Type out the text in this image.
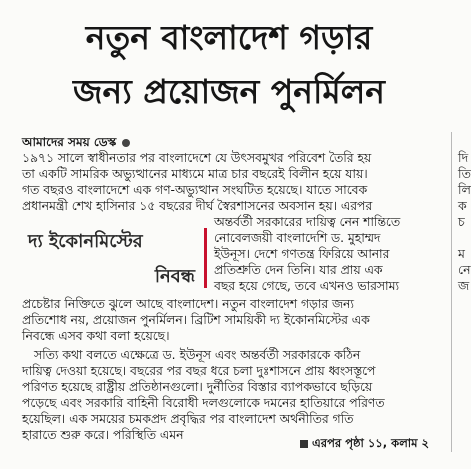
নতুন বাংলাদেশ গড়ার
জন্য প্রয়োজন পুনর্মিলন
আমাদের সময় ডেস্ক
১৯৭১ সালে স্বাধীনতার পর বাংলাদেশে যে উৎসবমুখর পরিবেশ তৈরি হয়
তা একটি সামরিক অভ্যুত্থানের মাধ্যমে মাত্র চার বছরেই বিলীন হয়ে যায়।
গত বছরও বাংলাদেশে এক গণ-অভ্যুত্থান সংঘটিত হয়েছে। যাতে সাবেক
প্রধানমন্ত্রী শেখ হাসিনার ১৫ বছরের দীর্ঘ স্বৈরশাসনের অবসান হয়। এরপর
অন্তর্বর্তী সরকারের দায়িত্ব নেন শান্তিতে
নোবেলজয়ী বাংলাদেশি ড. মুহাম্মদ
ইউনূস। দেশে গণতন্ত্র ফিরিয়ে আনার
প্রতিশ্রুতি দেন তিনি। যার প্রায় এক
বছর হয়ে গেছে, তবে এখনও ভারসাম্য
দ্য ইকোনমিস্টের
নিবন্ধ
প্রচেষ্টার নিক্তিতে ঝুলে আছে বাংলাদেশ। নতুন বাংলাদেশ গড়ার জন্য
প্রতিশোধ নয়, প্রয়োজন পুনর্মিলন। ব্রিটিশ সাময়িকী দ্য ইকোনমিস্টের এক
নিবন্ধে এসব কথা বলা হয়েছে।
সত্যি কথা বলতে এক্ষেত্রে ড. ইউনূস এবং অন্তর্বর্তী সরকারকে কঠিন
দায়িত্ব দেওয়া হয়েছে। বছরের পর বছর ধরে চলা দুঃশাসনে প্রায় ধ্বংসস্তূপে
পরিণত হয়েছে রাষ্ট্রীয় প্রতিষ্ঠানগুলো। দুর্নীতির বিস্তার ব্যাপকভাবে ছড়িয়ে
পড়েছে এবং সরকারি বাহিনী বিরোধী দলগুলোকে দমনের হাতিয়ারে পরিণত
হয়েছিল। এক সময়ের চমকপ্রদ প্রবৃদ্ধির পর বাংলাদেশ অর্থনীতির গতি
হারাতে শুরু করে। পরিস্থিতি এমন
এরপর পৃষ্ঠা ১১, কলাম ২
দি
তি
লি
ক
চ
ম
নে
জ
